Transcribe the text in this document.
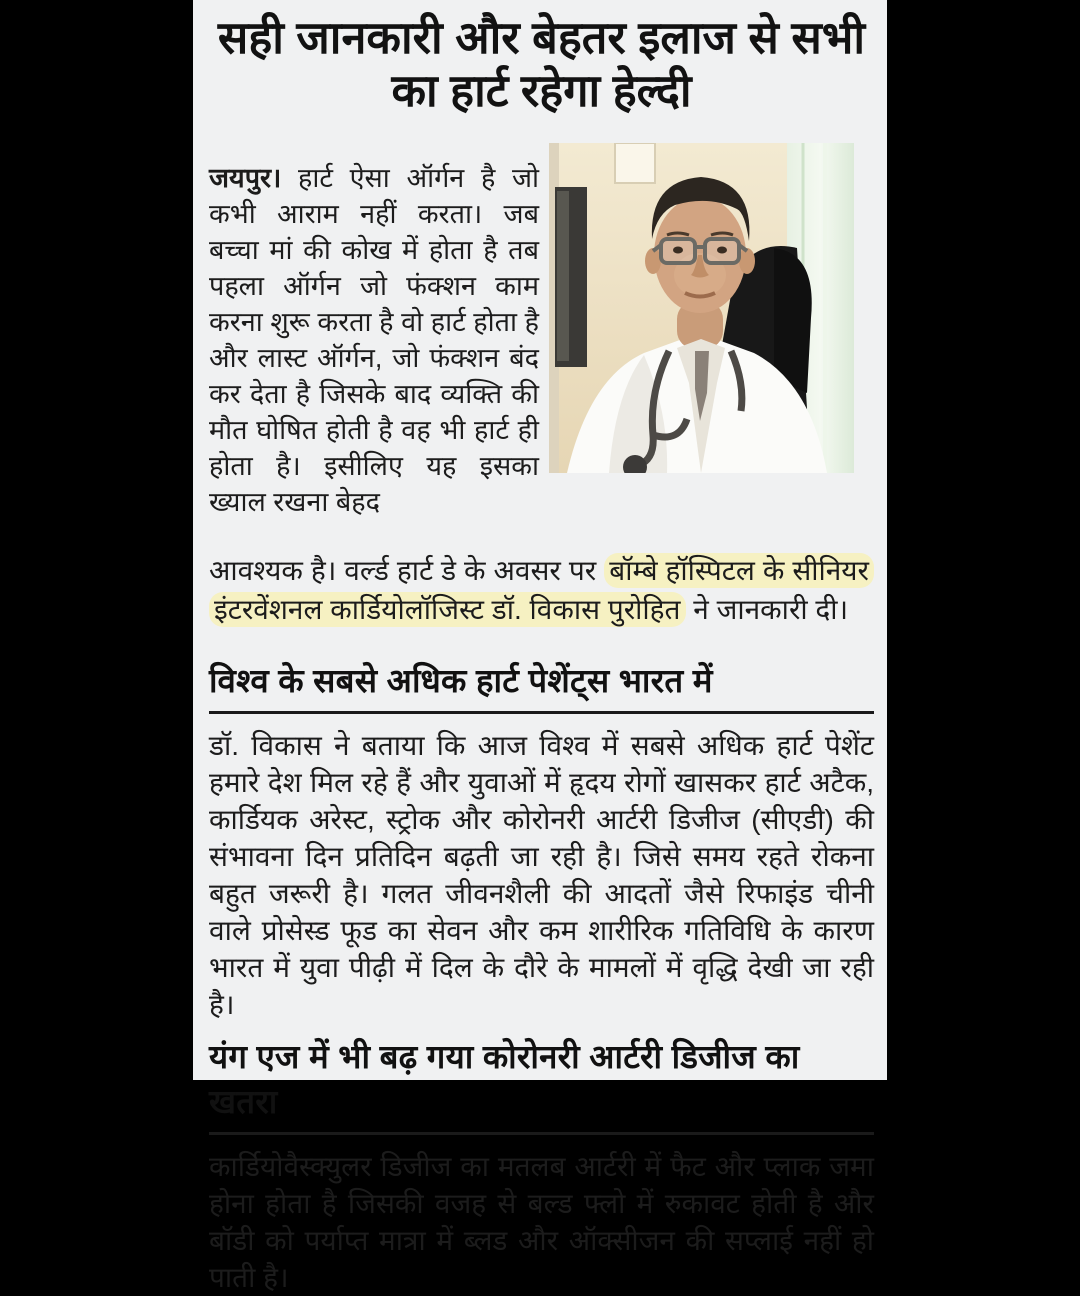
सही जानकारी और बेहतर इलाज से सभी का हार्ट रहेगा हेल्दी

जयपुर। हार्ट ऐसा ऑर्गन है जो कभी आराम नहीं करता। जब बच्चा मां की कोख में होता है तब पहला ऑर्गन जो फंक्शन काम करना शुरू करता है वो हार्ट होता है और लास्ट ऑर्गन, जो फंक्शन बंद कर देता है जिसके बाद व्यक्ति की मौत घोषित होती है वह भी हार्ट ही होता है। इसीलिए यह इसका ख्याल रखना बेहद

आवश्यक है। वर्ल्ड हार्ट डे के अवसर पर बॉम्बे हॉस्पिटल के सीनियर इंटरवेंशनल कार्डियोलॉजिस्ट डॉ. विकास पुरोहित ने जानकारी दी।

विश्व के सबसे अधिक हार्ट पेशेंट्स भारत में

डॉ. विकास ने बताया कि आज विश्व में सबसे अधिक हार्ट पेशेंट हमारे देश मिल रहे हैं और युवाओं में हृदय रोगों खासकर हार्ट अटैक, कार्डियक अरेस्ट, स्ट्रोक और कोरोनरी आर्टरी डिजीज (सीएडी) की संभावना दिन प्रतिदिन बढ़ती जा रही है। जिसे समय रहते रोकना बहुत जरूरी है। गलत जीवनशैली की आदतों जैसे रिफाइंड चीनी वाले प्रोसेस्ड फूड का सेवन और कम शारीरिक गतिविधि के कारण भारत में युवा पीढ़ी में दिल के दौरे के मामलों में वृद्धि देखी जा रही है।

यंग एज में भी बढ़ गया कोरोनरी आर्टरी डिजीज का खतरा

कार्डियोवैस्क्युलर डिजीज का मतलब आर्टरी में फैट और प्लाक जमा होना होता है जिसकी वजह से बल्ड फ्लो में रुकावट होती है और बॉडी को पर्याप्त मात्रा में ब्लड और ऑक्सीजन की सप्लाई नहीं हो पाती है।
